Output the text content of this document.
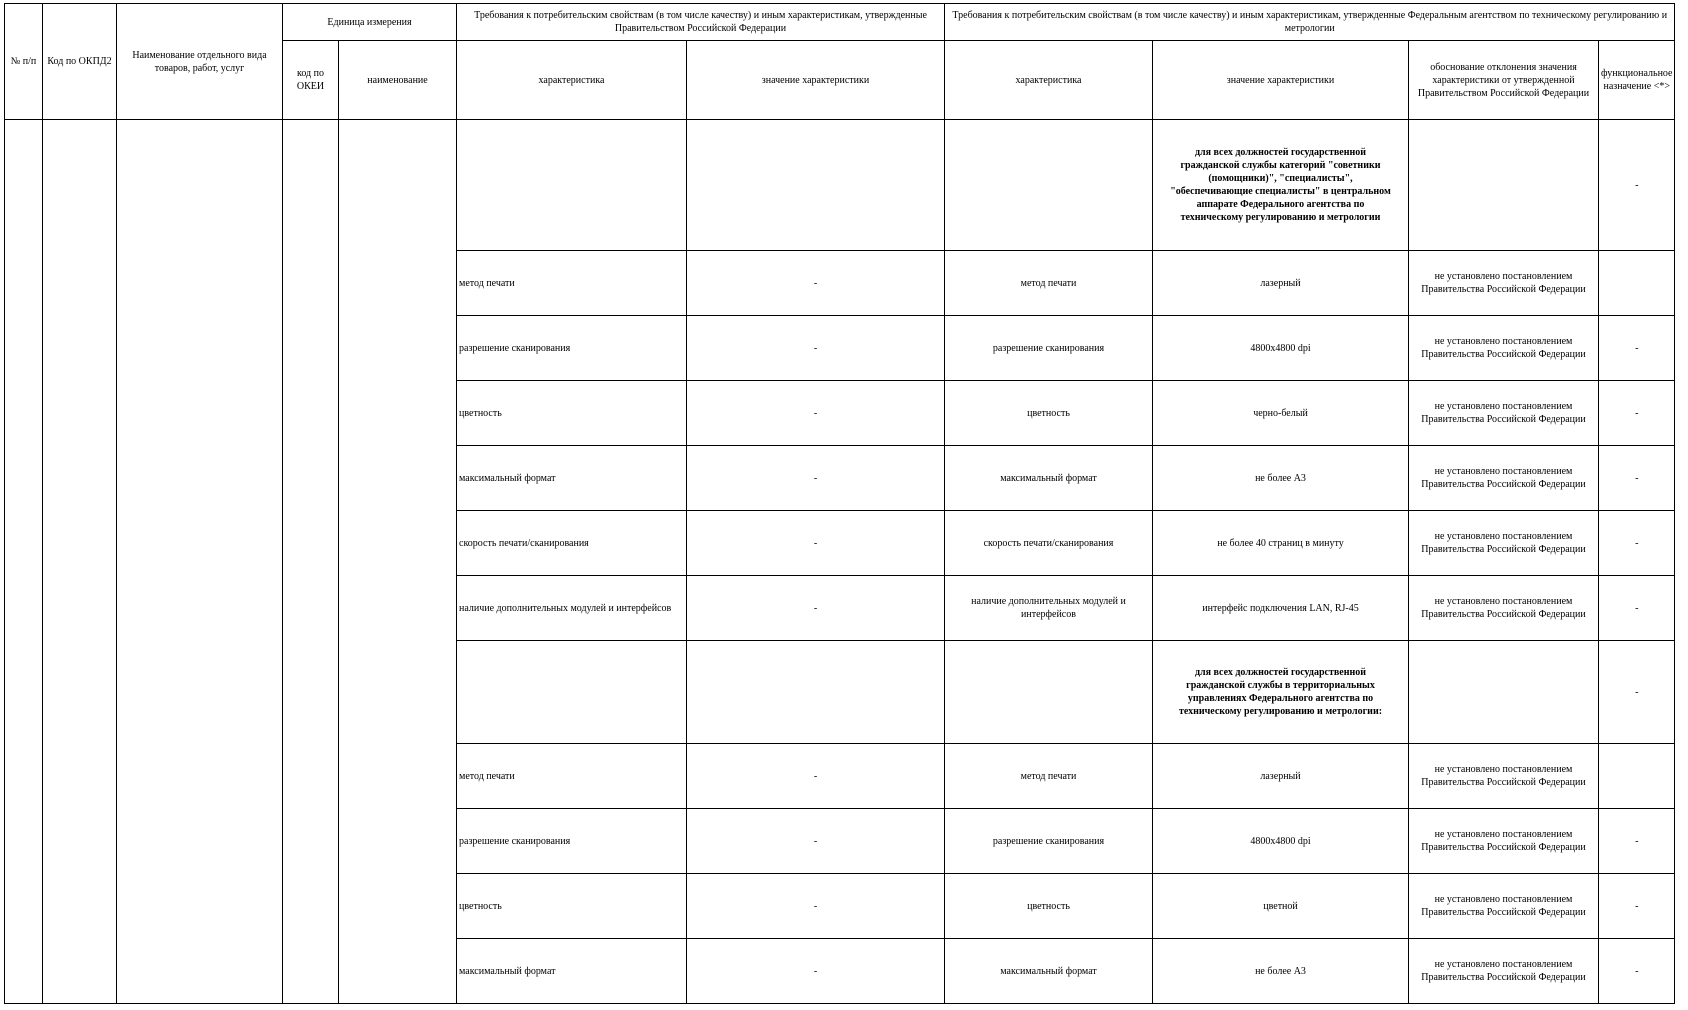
№ п/п	Код по ОКПД2	Наименование отдельного вида товаров, работ, услуг	Единица измерения		Требования к потребительским свойствам (в том числе качеству) и иным характеристикам, утвержденные Правительством Российской Федерации		Требования к потребительским свойствам (в том числе качеству) и иным характеристикам, утвержденные Федеральным агентством по техническому регулированию и метрологии			
			код по ОКЕИ	наименование	характеристика	значение характеристики	характеристика	значение характеристики	обоснование отклонения значения характеристики от утвержденной Правительством Российской Федерации	функциональное назначение <*>
								для всех должностей государственной гражданской службы категорий "советники (помощники)", "специалисты", "обеспечивающие специалисты" в центральном аппарате Федерального агентства по техническому регулированию и метрологии		-
					метод печати	-	метод печати	лазерный	не установлено постановлением Правительства Российской Федерации	
					разрешение сканирования	-	разрешение сканирования	4800х4800 dpi	не установлено постановлением Правительства Российской Федерации	-
					цветность	-	цветность	черно-белый	не установлено постановлением Правительства Российской Федерации	-
					максимальный формат	-	максимальный формат	не более А3	не установлено постановлением Правительства Российской Федерации	-
					скорость печати/сканирования	-	скорость печати/сканирования	не более 40 страниц в минуту	не установлено постановлением Правительства Российской Федерации	-
					наличие дополнительных модулей и интерфейсов	-	наличие дополнительных модулей и интерфейсов	интерфейс подключения LAN, RJ-45	не установлено постановлением Правительства Российской Федерации	-
								для всех должностей государственной гражданской службы в территориальных управлениях Федерального агентства по техническому регулированию и метрологии:		-
					метод печати	-	метод печати	лазерный	не установлено постановлением Правительства Российской Федерации	
					разрешение сканирования	-	разрешение сканирования	4800х4800 dpi	не установлено постановлением Правительства Российской Федерации	-
					цветность	-	цветность	цветной	не установлено постановлением Правительства Российской Федерации	-
					максимальный формат	-	максимальный формат	не более А3	не установлено постановлением Правительства Российской Федерации	-
